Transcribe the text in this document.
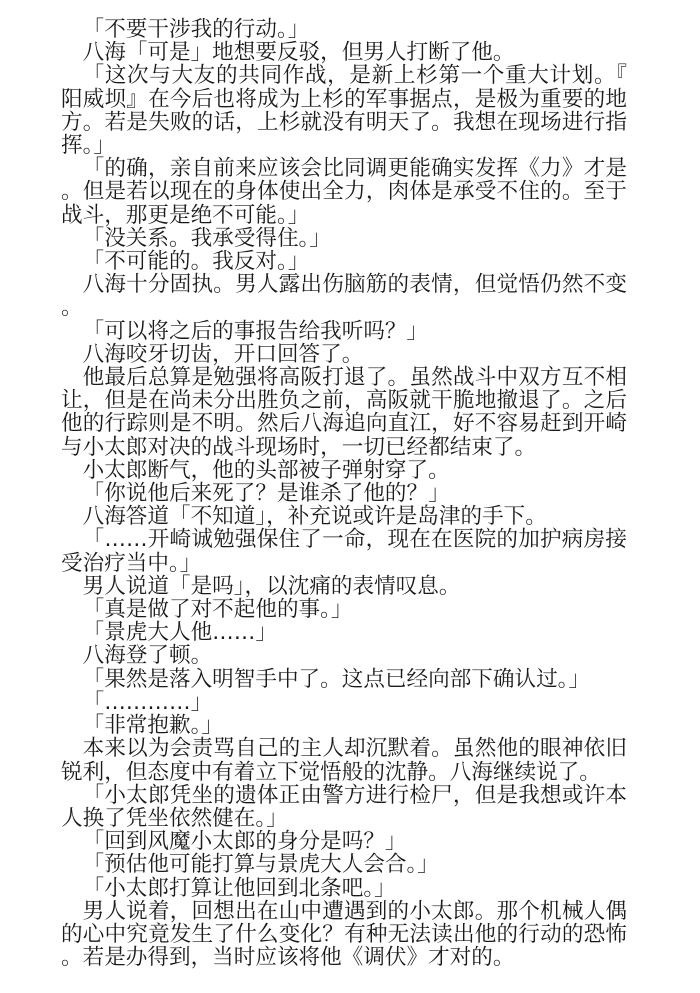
「不要干涉我的行动。」

八海「可是」地想要反驳，但男人打断了他。

「这次与大友的共同作战，是新上杉第一个重大计划。『阳威坝』在今后也将成为上杉的军事据点，是极为重要的地方。若是失败的话，上杉就没有明天了。我想在现场进行指挥。」

「的确，亲自前来应该会比同调更能确实发挥《力》才是。但是若以现在的身体使出全力，肉体是承受不住的。至于战斗，那更是绝不可能。」

「没关系。我承受得住。」

「不可能的。我反对。」

八海十分固执。男人露出伤脑筋的表情，但觉悟仍然不变。

「可以将之后的事报告给我听吗？」

八海咬牙切齿，开口回答了。

他最后总算是勉强将高阪打退了。虽然战斗中双方互不相让，但是在尚未分出胜负之前，高阪就干脆地撤退了。之后他的行踪则是不明。然后八海追向直江，好不容易赶到开崎与小太郎对决的战斗现场时，一切已经都结束了。

小太郎断气，他的头部被子弹射穿了。

「你说他后来死了？是谁杀了他的？」

八海答道「不知道」，补充说或许是岛津的手下。

「……开崎诚勉强保住了一命，现在在医院的加护病房接受治疗当中。」

男人说道「是吗」，以沈痛的表情叹息。

「真是做了对不起他的事。」

「景虎大人他……」

八海登了顿。

「果然是落入明智手中了。这点已经向部下确认过。」

「…………」

「非常抱歉。」

本来以为会责骂自己的主人却沉默着。虽然他的眼神依旧锐利，但态度中有着立下觉悟般的沈静。八海继续说了。

「小太郎凭坐的遗体正由警方进行检尸，但是我想或许本人换了凭坐依然健在。」

「回到风魔小太郎的身分是吗？」

「预估他可能打算与景虎大人会合。」

「小太郎打算让他回到北条吧。」

男人说着，回想出在山中遭遇到的小太郎。那个机械人偶的心中究竟发生了什么变化？有种无法读出他的行动的恐怖。若是办得到，当时应该将他《调伏》才对的。
